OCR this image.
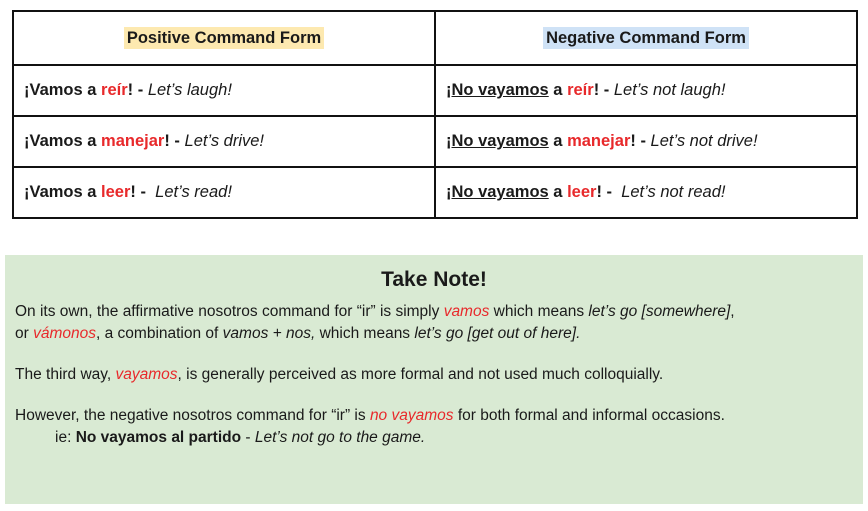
Positive Command Form	Negative Command Form
¡Vamos a reír! - Let’s laugh!	¡No vayamos a reír! - Let’s not laugh!
¡Vamos a manejar! - Let’s drive!	¡No vayamos a manejar! - Let’s not drive!
¡Vamos a leer! -  Let’s read!	¡No vayamos a leer! -  Let’s not read!
Take Note!

On its own, the affirmative nosotros command for “ir” is simply vamos which means let’s go [somewhere],
or vámonos, a combination of vamos + nos, which means let’s go [get out of here].

The third way, vayamos, is generally perceived as more formal and not used much colloquially.

However, the negative nosotros command for “ir” is no vayamos for both formal and informal occasions.

ie: No vayamos al partido - Let’s not go to the game.
